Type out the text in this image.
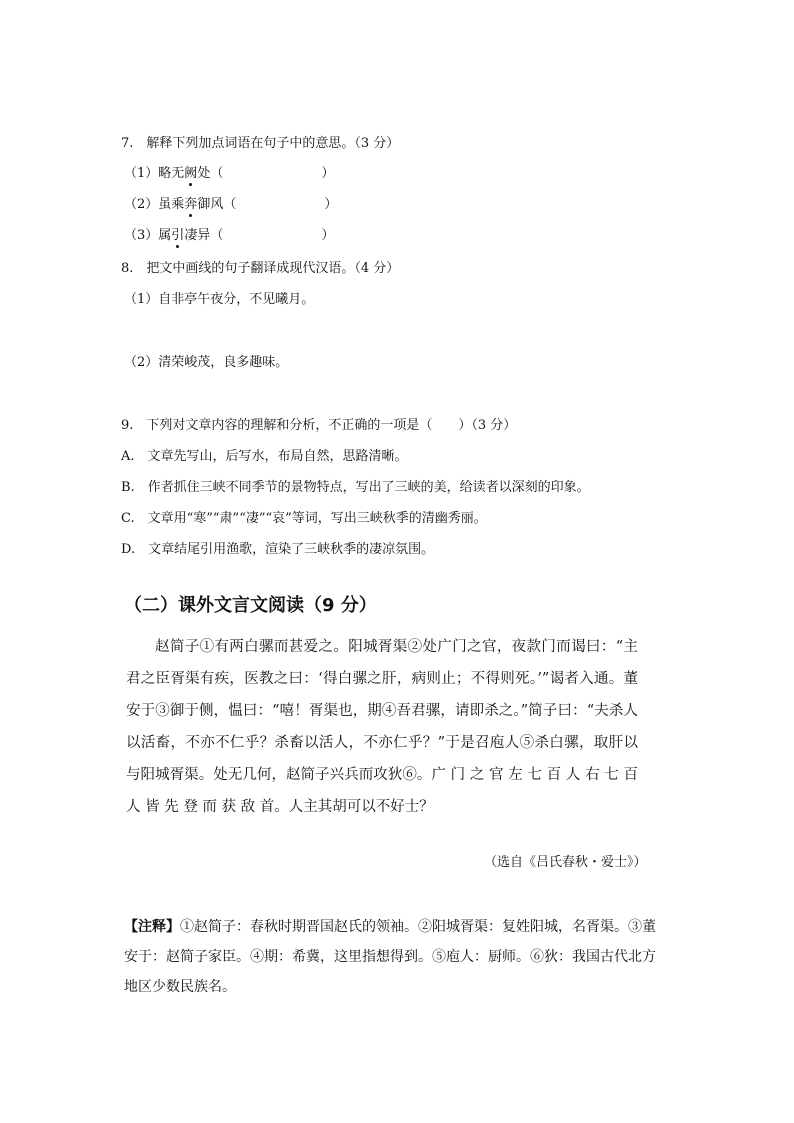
7.　解释下列加点词语在句子中的意思。（3 分）
（1）略无阙处（	）
（2）虽乘奔御风（	）
（3）属引凄异（	）
8.　把文中画线的句子翻译成现代汉语。（4 分）
（1）自非亭午夜分，不见曦月。
（2）清荣峻茂，良多趣味。
9.　下列对文章内容的理解和分析，不正确的一项是（　　）（3 分）
A.　文章先写山，后写水，布局自然，思路清晰。
B.　作者抓住三峡不同季节的景物特点，写出了三峡的美，给读者以深刻的印象。
C.　文章用“寒”“肃”“凄”“哀”等词，写出三峡秋季的清幽秀丽。
D.　文章结尾引用渔歌，渲染了三峡秋季的凄凉氛围。
（二）课外文言文阅读（9 分）

赵简子①有两白骡而甚爱之。阳城胥渠②处广门之官，夜款门而谒曰：“主君之臣胥渠有疾，医教之曰：‘得白骡之肝，病则止；不得则死。’”谒者入通。董安于③御于侧，愠曰：“嘻！胥渠也，期④吾君骡，请即杀之。”简子曰：“夫杀人以活畜，不亦不仁乎？杀畜以活人，不亦仁乎？”于是召庖人⑤杀白骡，取肝以与阳城胥渠。处无几何，赵简子兴兵而攻狄⑥。广 门 之 官 左 七 百 人 右 七 百 人 皆 先 登 而 获 敌 首。人主其胡可以不好士？

（选自《吕氏春秋・爱士》）

【注释】①赵简子：春秋时期晋国赵氏的领袖。②阳城胥渠：复姓阳城，名胥渠。③董安于：赵简子家臣。④期：希冀，这里指想得到。⑤庖人：厨师。⑥狄：我国古代北方地区少数民族名。
